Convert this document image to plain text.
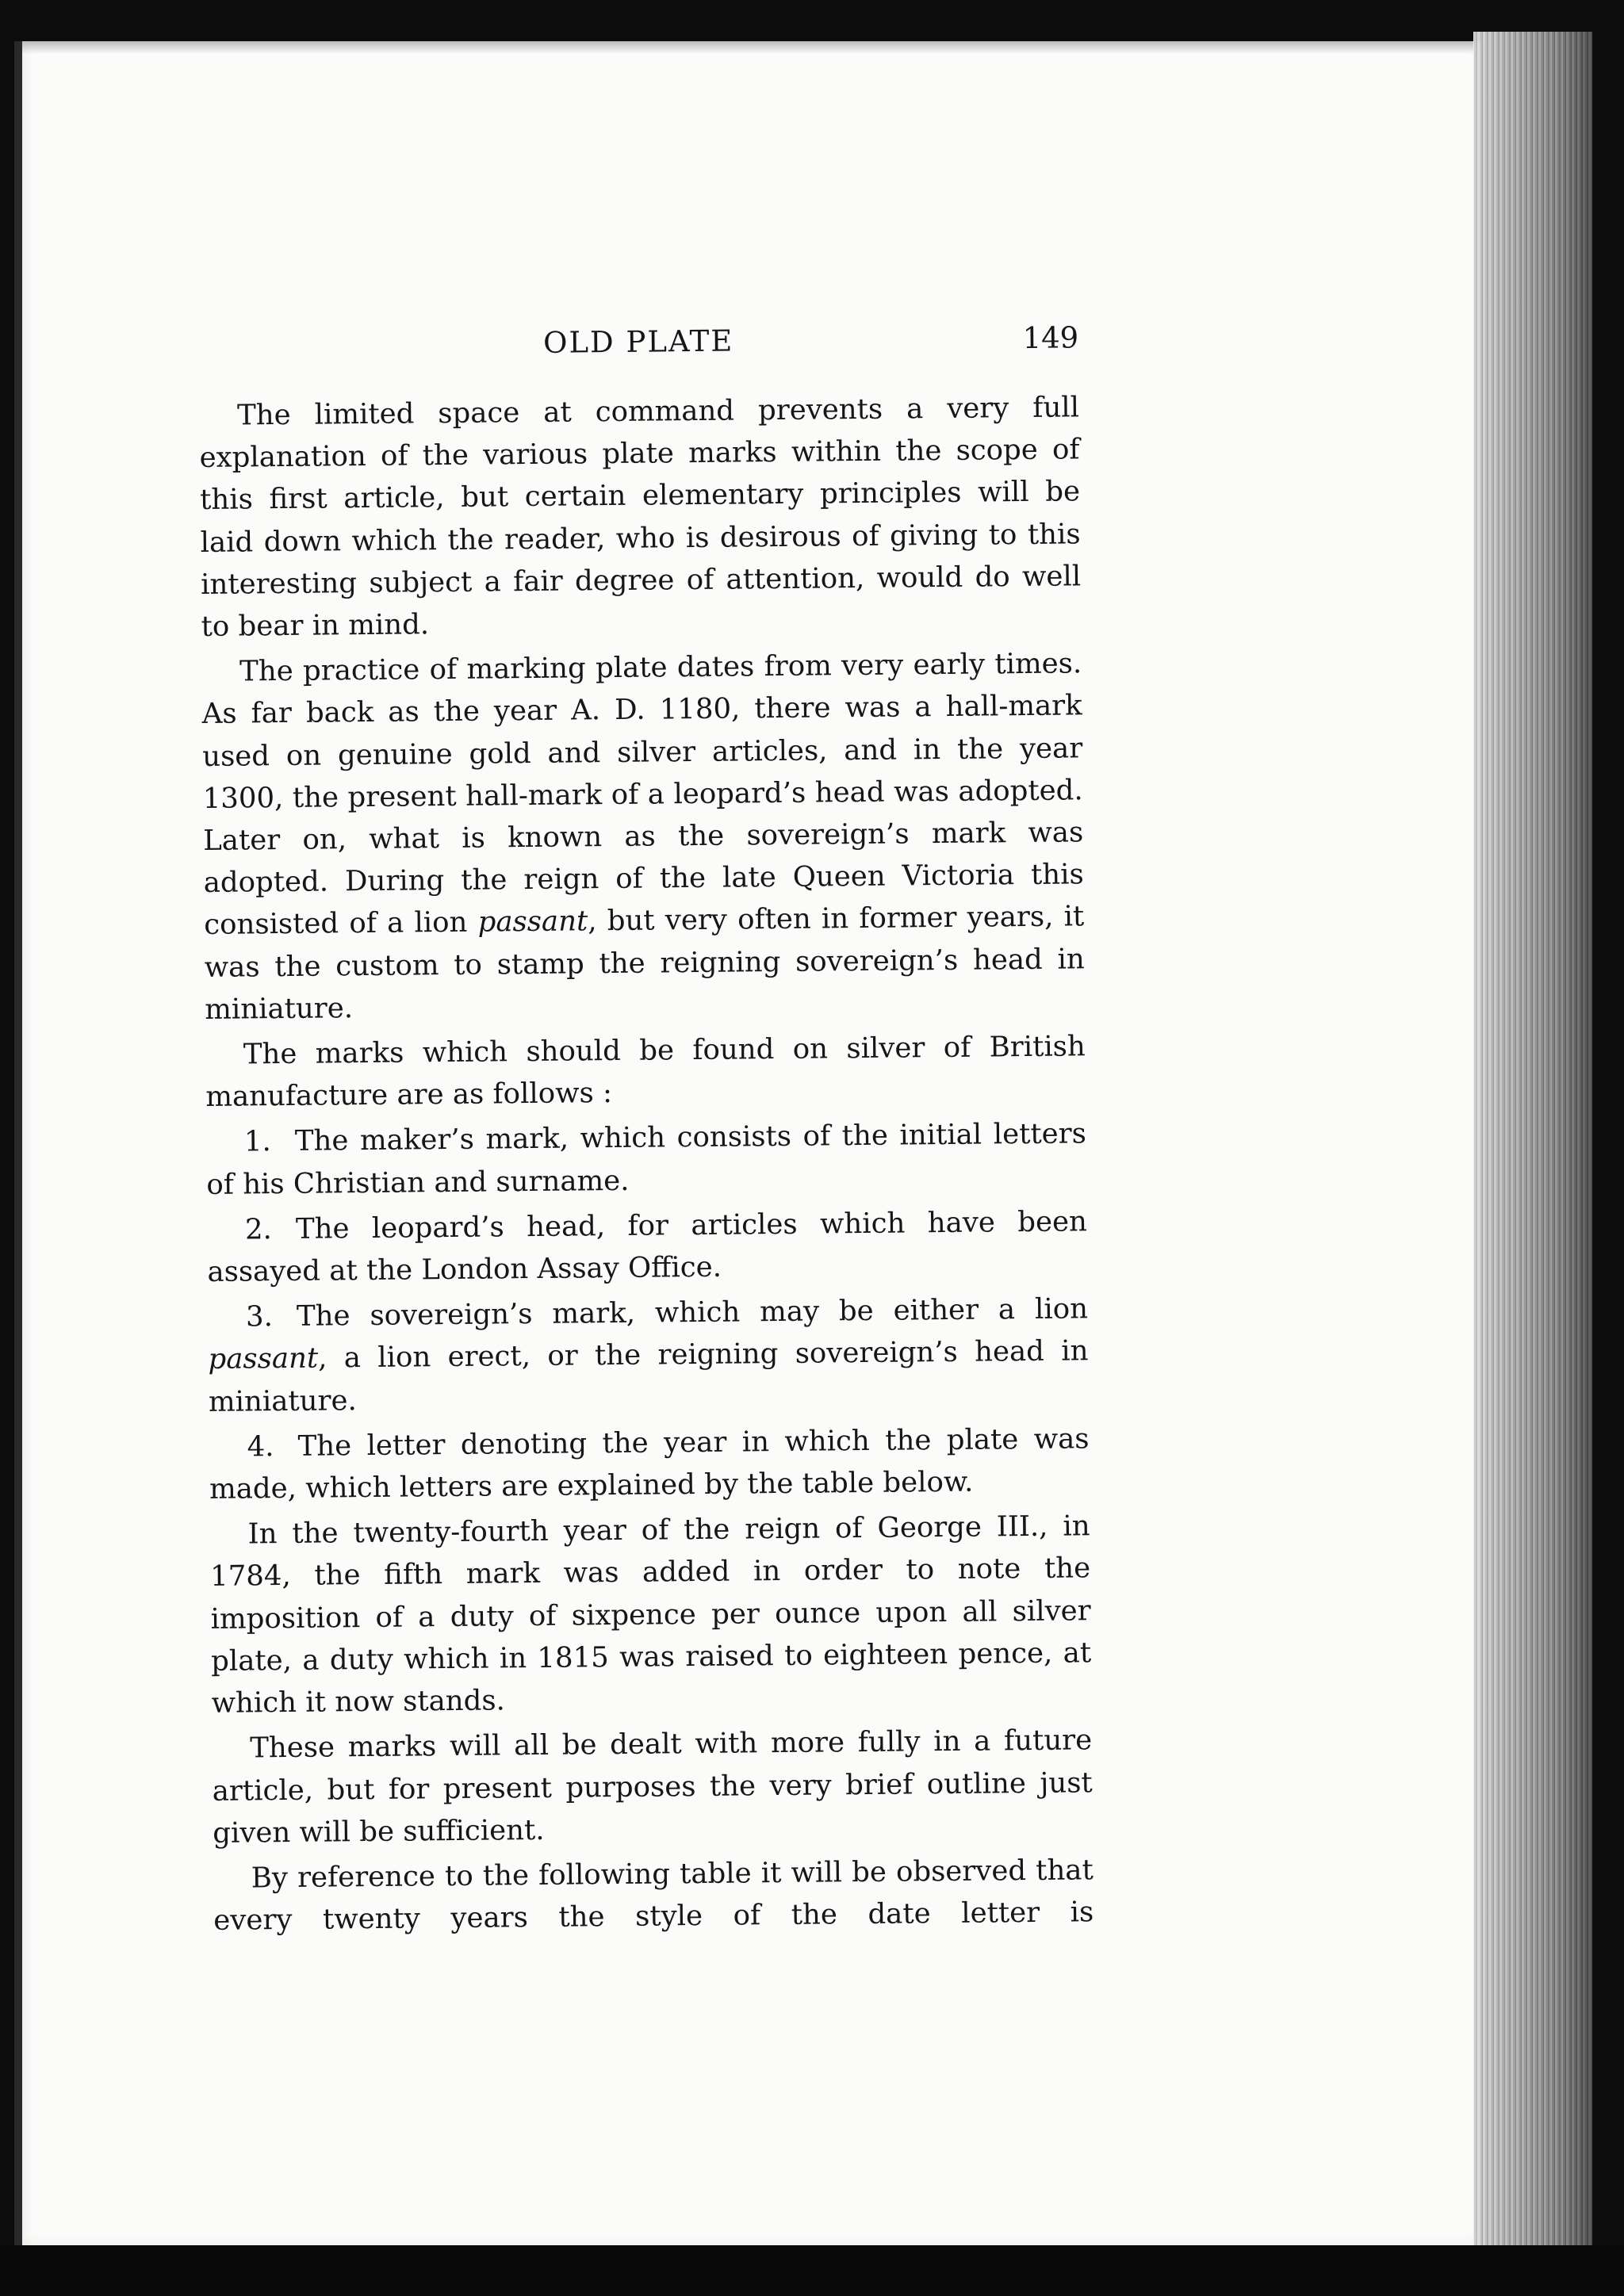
OLD PLATE	149

The limited space at command prevents a very full explanation of the various plate marks within the scope of this first article, but certain elementary principles will be laid down which the reader, who is desirous of giving to this interesting subject a fair degree of attention, would do well to bear in mind.

The practice of marking plate dates from very early times. As far back as the year A. D. 1180, there was a hall-mark used on genuine gold and silver articles, and in the year 1300, the present hall-mark of a leopard’s head was adopted. Later on, what is known as the sovereign’s mark was adopted. During the reign of the late Queen Victoria this consisted of a lion passant, but very often in former years, it was the custom to stamp the reigning sovereign’s head in miniature.

The marks which should be found on silver of British manufacture are as follows :

1. The maker’s mark, which consists of the initial letters of his Christian and surname.

2. The leopard’s head, for articles which have been assayed at the London Assay Office.

3. The sovereign’s mark, which may be either a lion passant, a lion erect, or the reigning sovereign’s head in miniature.

4. The letter denoting the year in which the plate was made, which letters are explained by the table below.

In the twenty-fourth year of the reign of George III., in 1784, the fifth mark was added in order to note the imposition of a duty of sixpence per ounce upon all silver plate, a duty which in 1815 was raised to eighteen pence, at which it now stands.

These marks will all be dealt with more fully in a future article, but for present purposes the very brief outline just given will be sufficient.

By reference to the following table it will be observed that every twenty years the style of the date letter is
